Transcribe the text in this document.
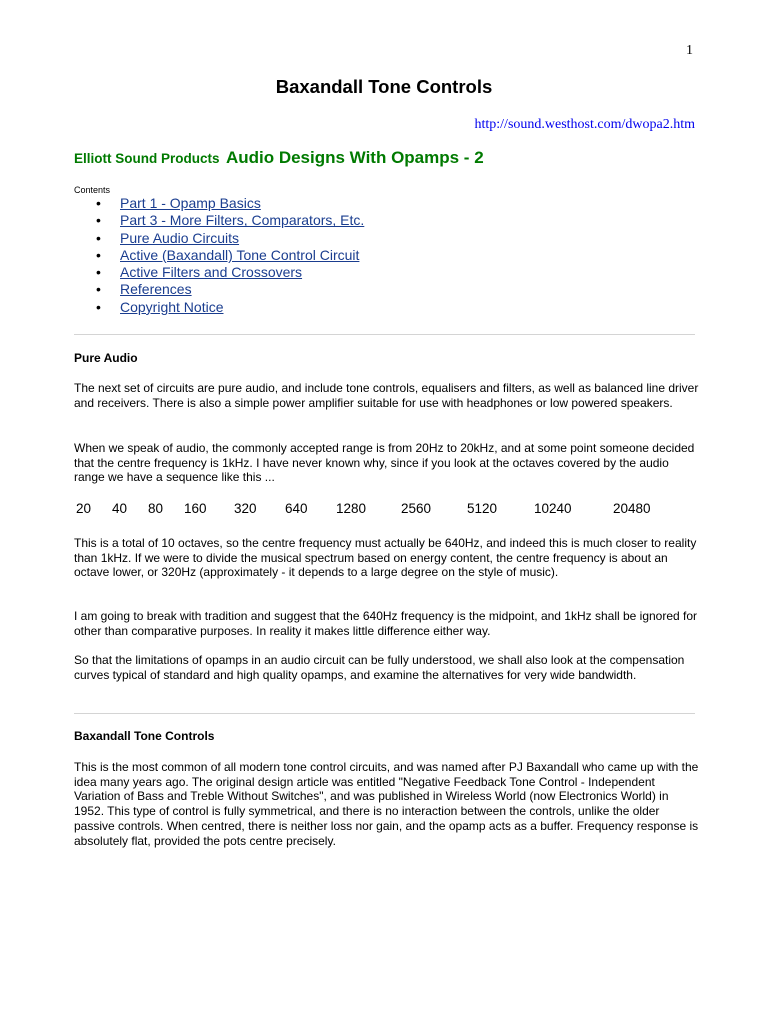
1
Baxandall Tone Controls
http://sound.westhost.com/dwopa2.htm
Elliott Sound Products Audio Designs With Opamps - 2
Contents
• Part 1 - Opamp Basics
• Part 3 - More Filters, Comparators, Etc.
• Pure Audio Circuits
• Active (Baxandall) Tone Control Circuit
• Active Filters and Crossovers
• References
• Copyright Notice
Pure Audio

The next set of circuits are pure audio, and include tone controls, equalisers and filters, as well as balanced line driver and receivers. There is also a simple power amplifier suitable for use with headphones or low powered speakers.

When we speak of audio, the commonly accepted range is from 20Hz to 20kHz, and at some point someone decided that the centre frequency is 1kHz. I have never known why, since if you look at the octaves covered by the audio range we have a sequence like this ...

20 40 80 160 320 640 1280	2560	5120	10240	20480

This is a total of 10 octaves, so the centre frequency must actually be 640Hz, and indeed this is much closer to reality than 1kHz. If we were to divide the musical spectrum based on energy content, the centre frequency is about an octave lower, or 320Hz (approximately - it depends to a large degree on the style of music).

I am going to break with tradition and suggest that the 640Hz frequency is the midpoint, and 1kHz shall be ignored for other than comparative purposes. In reality it makes little difference either way.

So that the limitations of opamps in an audio circuit can be fully understood, we shall also look at the compensation curves typical of standard and high quality opamps, and examine the alternatives for very wide bandwidth.

Baxandall Tone Controls

This is the most common of all modern tone control circuits, and was named after PJ Baxandall who came up with the idea many years ago. The original design article was entitled "Negative Feedback Tone Control - Independent Variation of Bass and Treble Without Switches", and was published in Wireless World (now Electronics World) in 1952. This type of control is fully symmetrical, and there is no interaction between the controls, unlike the older passive controls. When centred, there is neither loss nor gain, and the opamp acts as a buffer. Frequency response is absolutely flat, provided the pots centre precisely.
